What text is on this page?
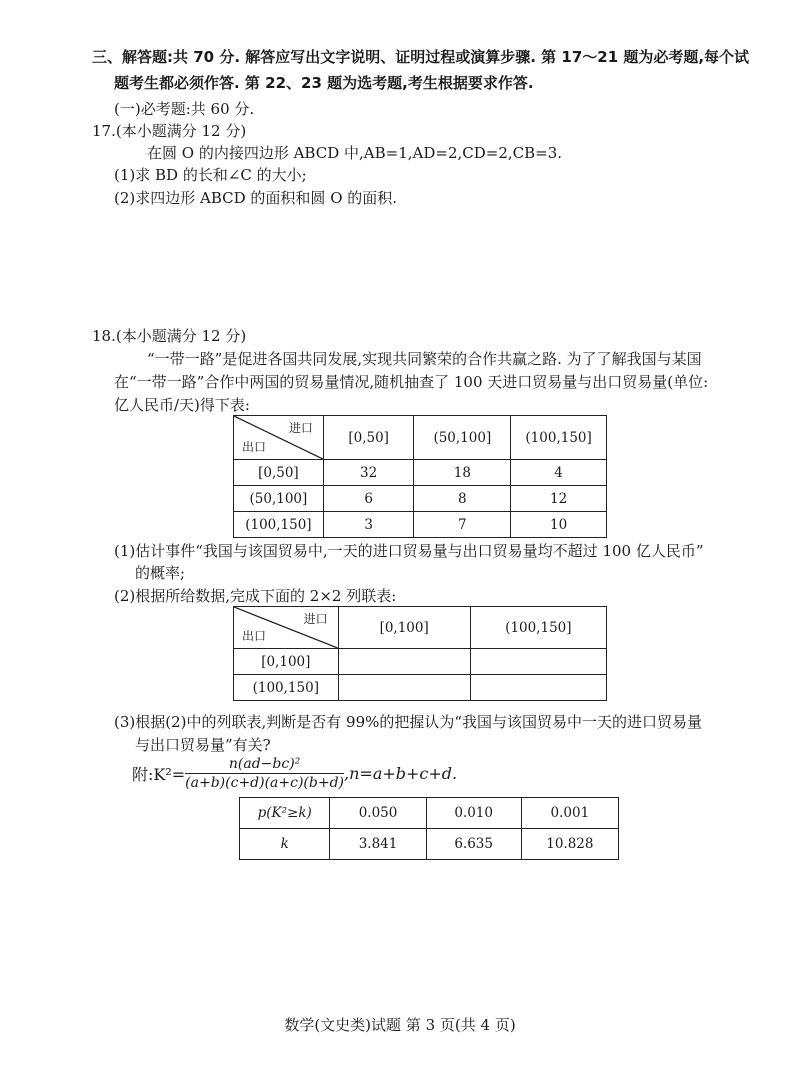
三、解答题:共 70 分. 解答应写出文字说明、证明过程或演算步骤. 第 17～21 题为必考题,每个试
题考生都必须作答. 第 22、23 题为选考题,考生根据要求作答.
(一)必考题:共 60 分.
17.(本小题满分 12 分)
在圆 O 的内接四边形 ABCD 中,AB=1,AD=2,CD=2,CB=3.
(1)求 BD 的长和∠C 的大小;
(2)求四边形 ABCD 的面积和圆 O 的面积.
18.(本小题满分 12 分)
“一带一路”是促进各国共同发展,实现共同繁荣的合作共赢之路. 为了了解我国与某国
在“一带一路”合作中两国的贸易量情况,随机抽查了 100 天进口贸易量与出口贸易量(单位:
亿人民币/天)得下表:
进口
出口	[0,50]	(50,100]	(100,150]
[0,50]	32	18	4
(50,100]	6	8	12
(100,150]	3	7	10
(1)估计事件“我国与该国贸易中,一天的进口贸易量与出口贸易量均不超过 100 亿人民币”
的概率;
(2)根据所给数据,完成下面的 2×2 列联表:
进口
出口	[0,100]	(100,150]
[0,100]		
(100,150]		
(3)根据(2)中的列联表,判断是否有 99%的把握认为“我国与该国贸易中一天的进口贸易量
与出口贸易量”有关?
附:K²= $\frac{\text{n(ad−bc)²}}{(a+b)(c+d)(a+c)(b+d)} ,n=a+b+c+d$.
p(K²≥k)	0.050	0.010	0.001
k	3.841	6.635	10.828
数学(文史类)试题 第 3 页(共 4 页)
